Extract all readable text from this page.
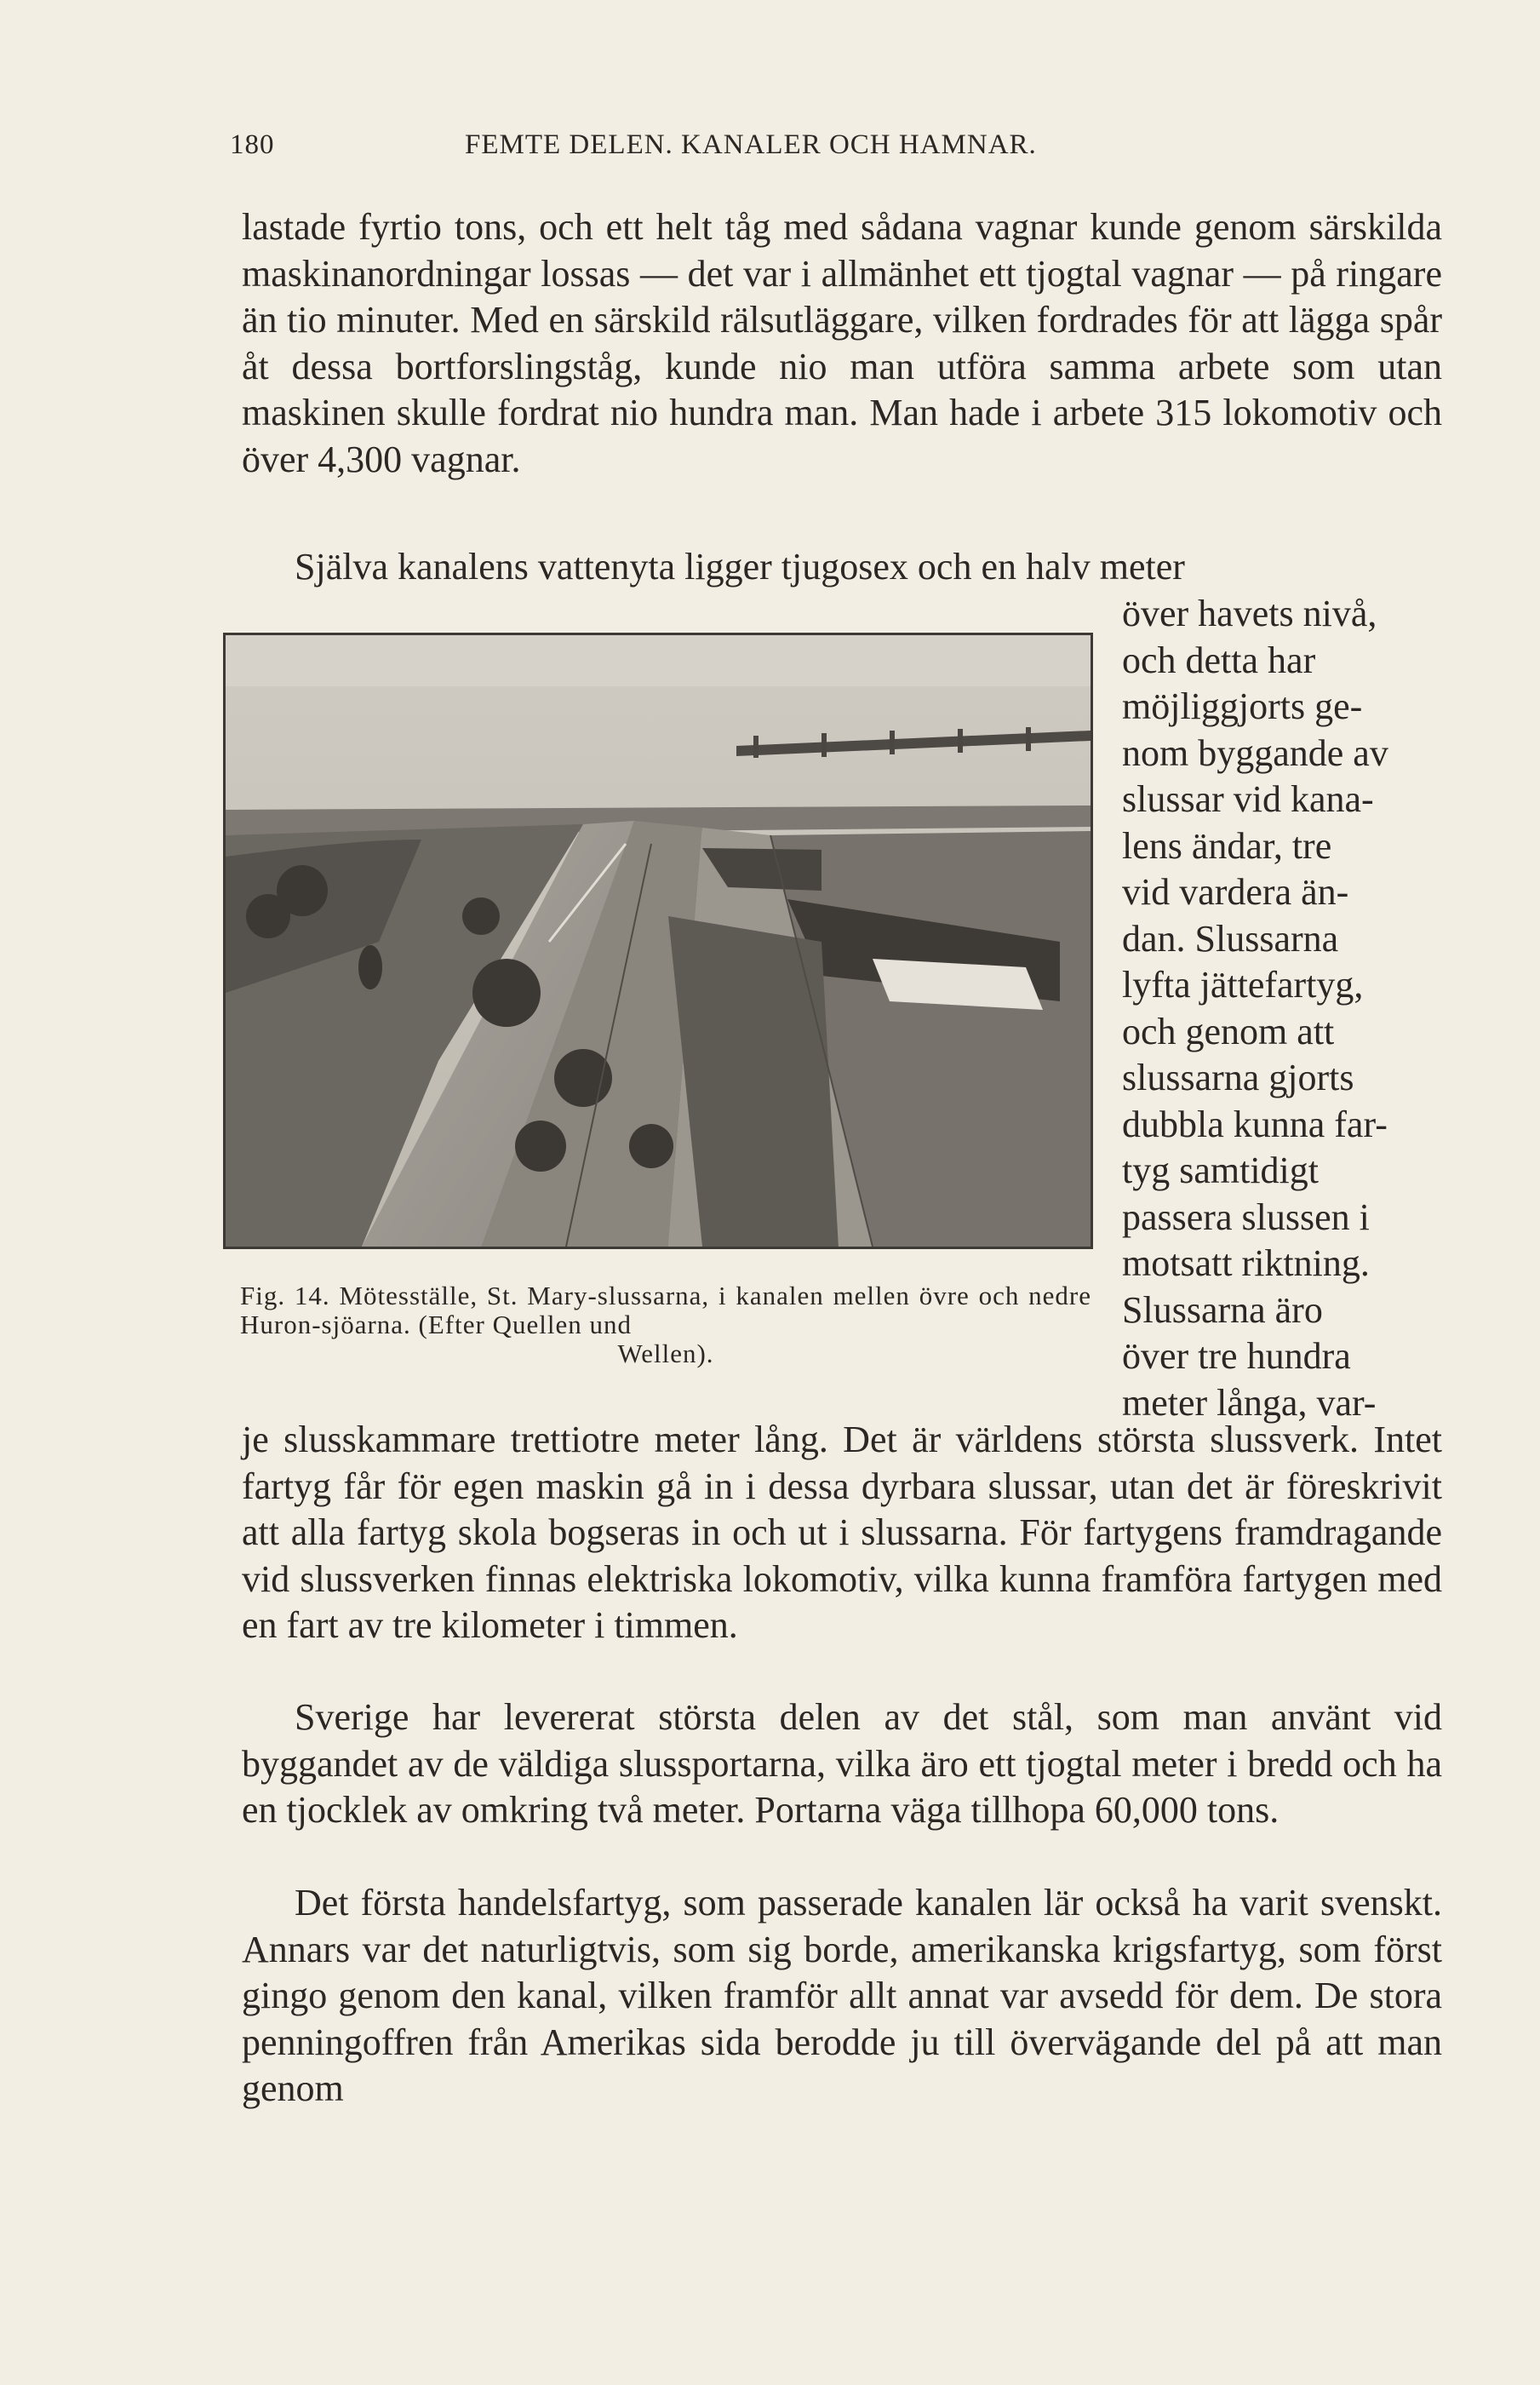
180	FEMTE DELEN. KANALER OCH HAMNAR.

lastade fyrtio tons, och ett helt tåg med sådana vagnar kunde genom särskilda maskinanordningar lossas — det var i allmänhet ett tjogtal vagnar — på ringare än tio minuter. Med en särskild rälsutläggare, vilken fordrades för att lägga spår åt dessa bortforslingståg, kunde nio man utföra samma arbete som utan maskinen skulle fordrat nio hundra man. Man hade i arbete 315 lokomotiv och över 4,300 vagnar.

Själva kanalens vattenyta ligger tjugosex och en halv meter

över havets nivå,
och detta har
möjliggjorts ge-
nom byggande av
slussar vid kana-
lens ändar, tre
vid vardera än-
dan. Slussarna
lyfta jättefartyg,
och genom att
slussarna gjorts
dubbla kunna far-
tyg samtidigt
passera slussen i
motsatt riktning.
Slussarna äro
över tre hundra
meter långa, var-
Fig. 14. Mötesställe, St. Mary-slussarna, i kanalen mellen övre och nedre Huron-sjöarna. (Efter Quellen und
Wellen).

je slusskammare trettiotre meter lång. Det är världens största slussverk. Intet fartyg får för egen maskin gå in i dessa dyrbara slussar, utan det är föreskrivit att alla fartyg skola bogseras in och ut i slussarna. För fartygens framdragande vid slussverken finnas elektriska lokomotiv, vilka kunna framföra fartygen med en fart av tre kilometer i timmen.

Sverige har levererat största delen av det stål, som man använt vid byggandet av de väldiga slussportarna, vilka äro ett tjogtal meter i bredd och ha en tjocklek av omkring två meter. Portarna väga tillhopa 60,000 tons.

Det första handelsfartyg, som passerade kanalen lär också ha varit svenskt. Annars var det naturligtvis, som sig borde, amerikanska krigsfartyg, som först gingo genom den kanal, vilken framför allt annat var avsedd för dem. De stora penningoffren från Amerikas sida berodde ju till övervägande del på att man genom
